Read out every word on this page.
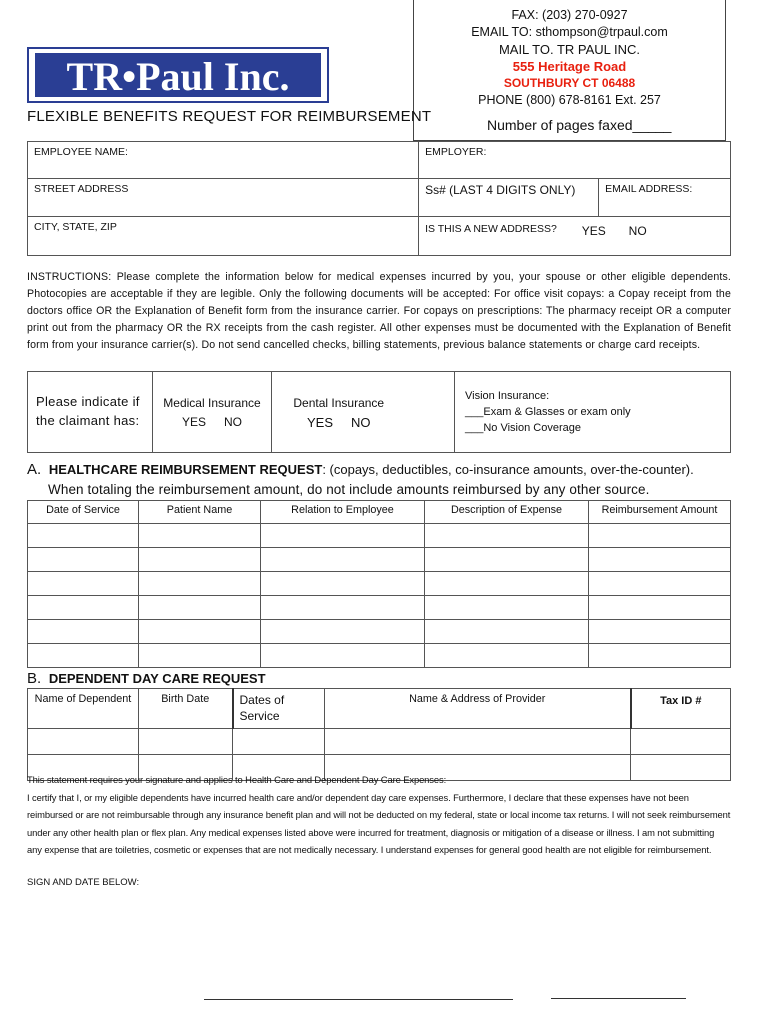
TR•Paul Inc.
FAX: (203) 270-0927
EMAIL TO: sthompson@trpaul.com
MAIL TO. TR PAUL INC.
555 Heritage Road
SOUTHBURY CT 06488
PHONE (800) 678-8161 Ext. 257
FLEXIBLE BENEFITS REQUEST FOR REIMBURSEMENT	Number of pages faxed_____
EMPLOYEE NAME:	EMPLOYER:	
STREET ADDRESS	Ss# (LAST 4 DIGITS ONLY)	EMAIL ADDRESS:
CITY, STATE, ZIP	IS THIS A NEW ADDRESS? YES NO	
INSTRUCTIONS: Please complete the information below for medical expenses incurred by you, your spouse or other eligible dependents. Photocopies are acceptable if they are legible. Only the following documents will be accepted: For office visit copays: a Copay receipt from the doctors office OR the Explanation of Benefit form from the insurance carrier. For copays on prescriptions: The pharmacy receipt OR a computer print out from the pharmacy OR the RX receipts from the cash register. All other expenses must be documented with the Explanation of Benefit form from your insurance carrier(s). Do not send cancelled checks, billing statements, previous balance statements or charge card receipts.
Please indicate if the claimant has:	
Medical Insurance
YES NO

Dental Insurance
YES NO

Vision Insurance:
___Exam & Glasses or exam only
___No Vision Coverage
A. HEALTHCARE REIMBURSEMENT REQUEST: (copays, deductibles, co-insurance amounts, over-the-counter).
When totaling the reimbursement amount, do not include amounts reimbursed by any other source.
Date of Service	Patient Name	Relation to Employee	Description of Expense	Reimbursement Amount

B. DEPENDENT DAY CARE REQUEST
Name of Dependent	Birth Date	Dates of Service	Name & Address of Provider	Tax ID #

This statement requires your signature and applies to Health Care and Dependent Day Care Expenses:
I certify that I, or my eligible dependents have incurred health care and/or dependent day care expenses. Furthermore, I declare that these expenses have not been reimbursed or are not reimbursable through any insurance benefit plan and will not be deducted on my federal, state or local income tax returns. I will not seek reimbursement under any other health plan or flex plan. Any medical expenses listed above were incurred for treatment, diagnosis or mitigation of a disease or illness. I am not submitting any expense that are toiletries, cosmetic or expenses that are not medically necessary. I understand expenses for general good health are not eligible for reimbursement.
SIGN AND DATE BELOW:
